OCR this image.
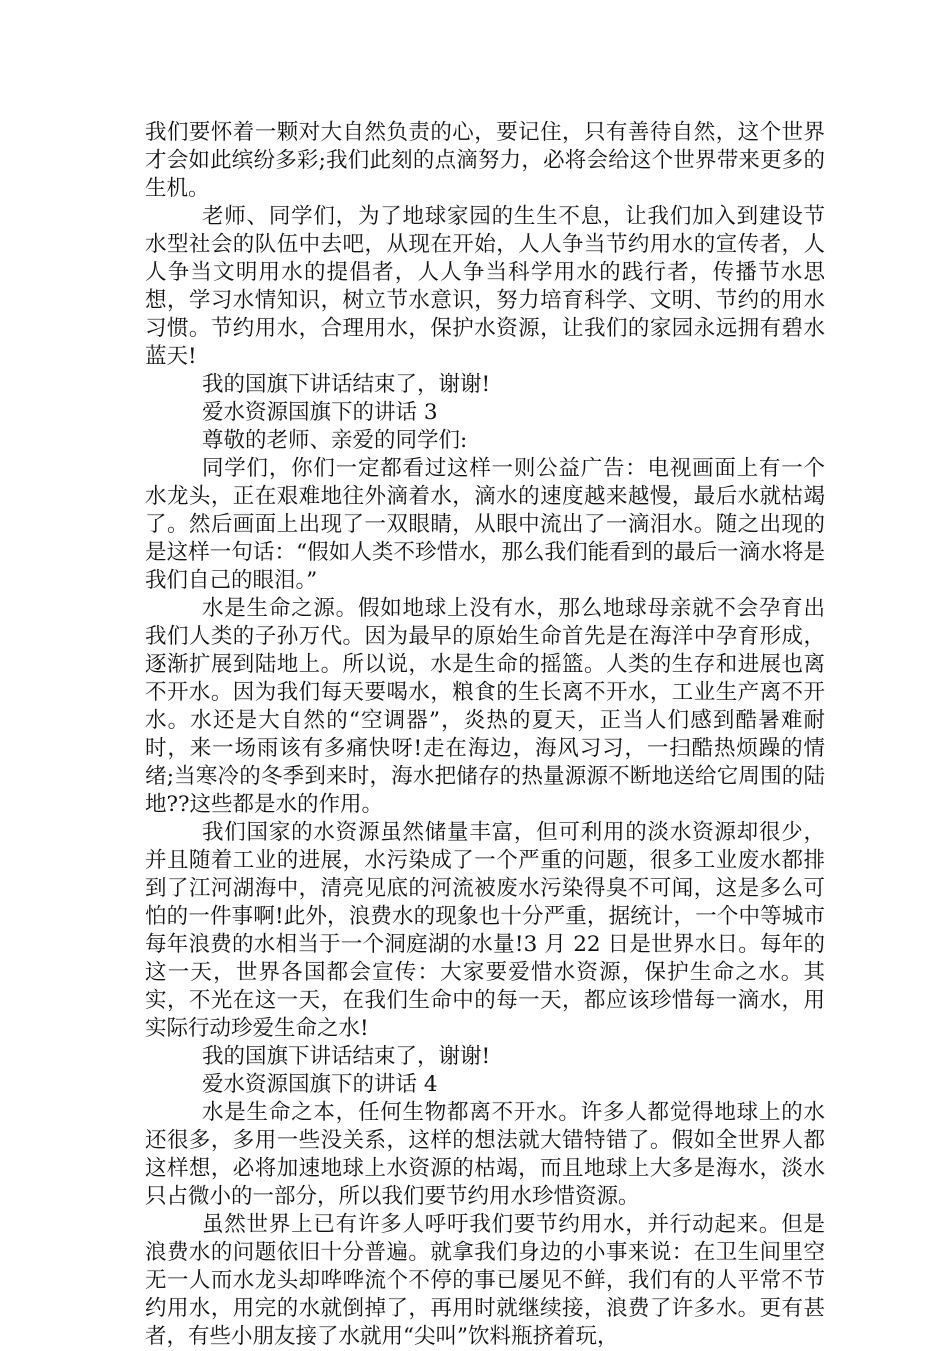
我们要怀着一颗对大自然负责的心，要记住，只有善待自然，这个世界才会如此缤纷多彩;我们此刻的点滴努力，必将会给这个世界带来更多的生机。

老师、同学们，为了地球家园的生生不息，让我们加入到建设节水型社会的队伍中去吧，从现在开始，人人争当节约用水的宣传者，人人争当文明用水的提倡者，人人争当科学用水的践行者，传播节水思想，学习水情知识，树立节水意识，努力培育科学、文明、节约的用水习惯。节约用水，合理用水，保护水资源，让我们的家园永远拥有碧水蓝天!

我的国旗下讲话结束了，谢谢!

爱水资源国旗下的讲话 3

尊敬的老师、亲爱的同学们:

同学们，你们一定都看过这样一则公益广告：电视画面上有一个水龙头，正在艰难地往外滴着水，滴水的速度越来越慢，最后水就枯竭了。然后画面上出现了一双眼睛，从眼中流出了一滴泪水。随之出现的是这样一句话：“假如人类不珍惜水，那么我们能看到的最后一滴水将是我们自己的眼泪。”

水是生命之源。假如地球上没有水，那么地球母亲就不会孕育出我们人类的子孙万代。因为最早的原始生命首先是在海洋中孕育形成，逐渐扩展到陆地上。所以说，水是生命的摇篮。人类的生存和进展也离不开水。因为我们每天要喝水，粮食的生长离不开水，工业生产离不开水。水还是大自然的“空调器”，炎热的夏天，正当人们感到酷暑难耐时，来一场雨该有多痛快呀!走在海边，海风习习，一扫酷热烦躁的情绪;当寒冷的冬季到来时，海水把储存的热量源源不断地送给它周围的陆地??这些都是水的作用。

我们国家的水资源虽然储量丰富，但可利用的淡水资源却很少，并且随着工业的进展，水污染成了一个严重的问题，很多工业废水都排到了江河湖海中，清亮见底的河流被废水污染得臭不可闻，这是多么可怕的一件事啊!此外，浪费水的现象也十分严重，据统计，一个中等城市每年浪费的水相当于一个洞庭湖的水量!3 月 22 日是世界水日。每年的这一天，世界各国都会宣传：大家要爱惜水资源，保护生命之水。其实，不光在这一天，在我们生命中的每一天，都应该珍惜每一滴水，用实际行动珍爱生命之水!

我的国旗下讲话结束了，谢谢!

爱水资源国旗下的讲话 4

水是生命之本，任何生物都离不开水。许多人都觉得地球上的水还很多，多用一些没关系，这样的想法就大错特错了。假如全世界人都这样想，必将加速地球上水资源的枯竭，而且地球上大多是海水，淡水只占微小的一部分，所以我们要节约用水珍惜资源。

虽然世界上已有许多人呼吁我们要节约用水，并行动起来。但是浪费水的问题依旧十分普遍。就拿我们身边的小事来说：在卫生间里空无一人而水龙头却哗哗流个不停的事已屡见不鲜，我们有的人平常不节约用水，用完的水就倒掉了，再用时就继续接，浪费了许多水。更有甚者，有些小朋友接了水就用“尖叫”饮料瓶挤着玩，
